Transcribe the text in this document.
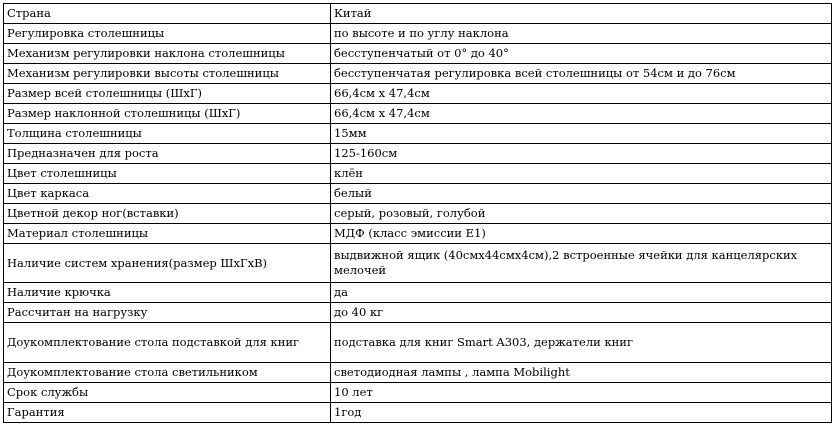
Страна	Китай
Регулировка столешницы	по высоте и по углу наклона
Механизм регулировки наклона столешницы	бесступенчатый от 0° до 40°
Механизм регулировки высоты столешницы	бесступенчатая регулировка всей столешницы от 54см и до 76см
Размер всей столешницы (ШхГ)	66,4см х 47,4см
Размер наклонной столешницы (ШхГ)	66,4см х 47,4см
Толщина столешницы	15мм
Предназначен для роста	125-160см
Цвет столешницы	клён
Цвет каркаса	белый
Цветной декор ног(вставки)	серый, розовый, голубой
Материал столешницы	МДФ (класс эмиссии Е1)
Наличие систем хранения(размер ШхГхВ)	выдвижной ящик (40смх44смх4см),2 встроенные ячейки для канцелярских мелочей
Наличие крючка	да
Рассчитан на нагрузку	до 40 кг
Доукомплектование стола подставкой для книг	подставка для книг Smart A303, держатели книг
Доукомплектование стола светильником	светодиодная лампы , лампа Mobilight
Срок службы	10 лет
Гарантия	1год
